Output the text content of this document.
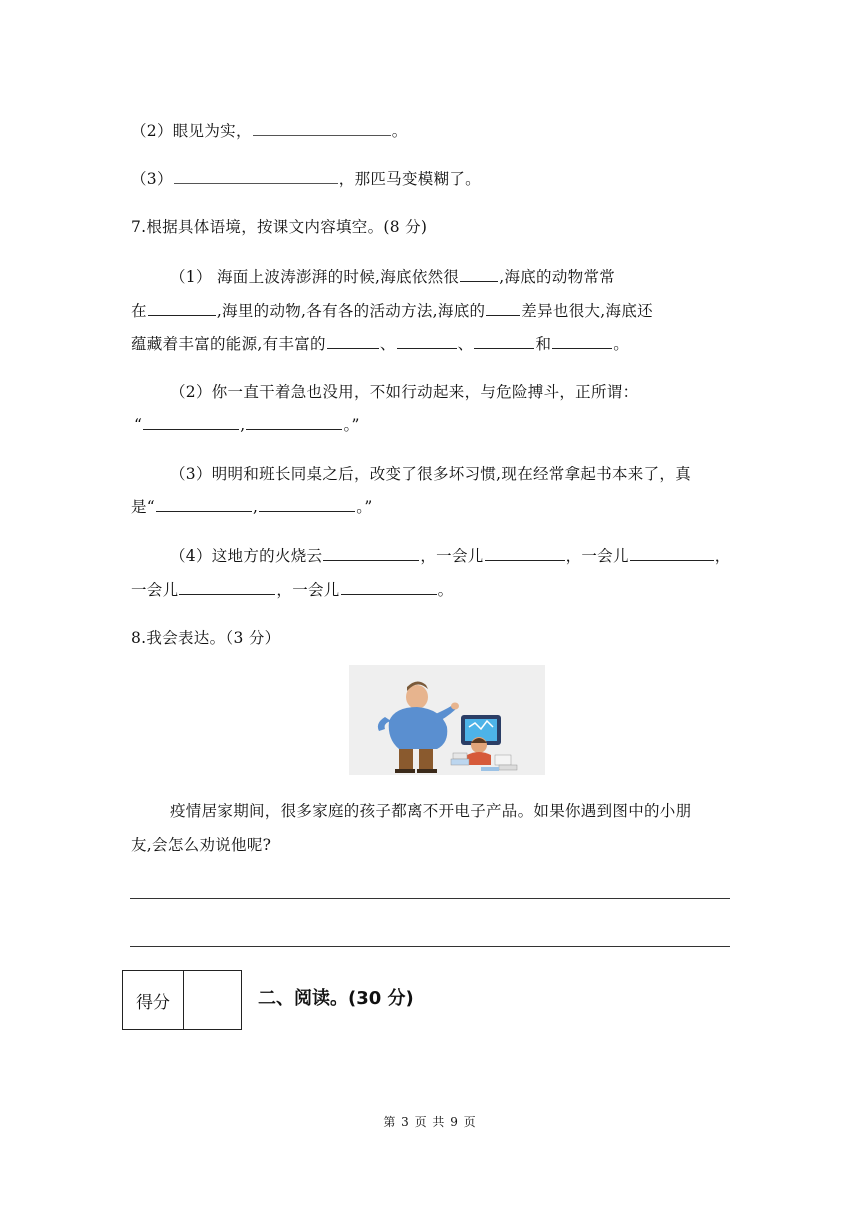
（2）眼见为实，	。
（3）	，那匹马变模糊了。
7.根据具体语境，按课文内容填空。(8 分)
（1） 海面上波涛澎湃的时候,海底依然很	,海底的动物常常
在	,海里的动物,各有各的活动方法,海底的 差异也很大,海底还
蕴藏着丰富的能源,有丰富的	、	、	和	。
（2）你一直干着急也没用，不如行动起来，与危险搏斗，正所谓：
“	,	。”
（3）明明和班长同桌之后，改变了很多坏习惯,现在经常拿起书本来了，真
是“	,	。”
（4）这地方的火烧云	，一会儿	，一会儿	，
一会儿	，一会儿	。
8.我会表达。（3 分）
疫情居家期间，很多家庭的孩子都离不开电子产品。如果你遇到图中的小朋
友,会怎么劝说他呢?
得分	二、阅读。(30 分)
第 3 页 共 9 页
